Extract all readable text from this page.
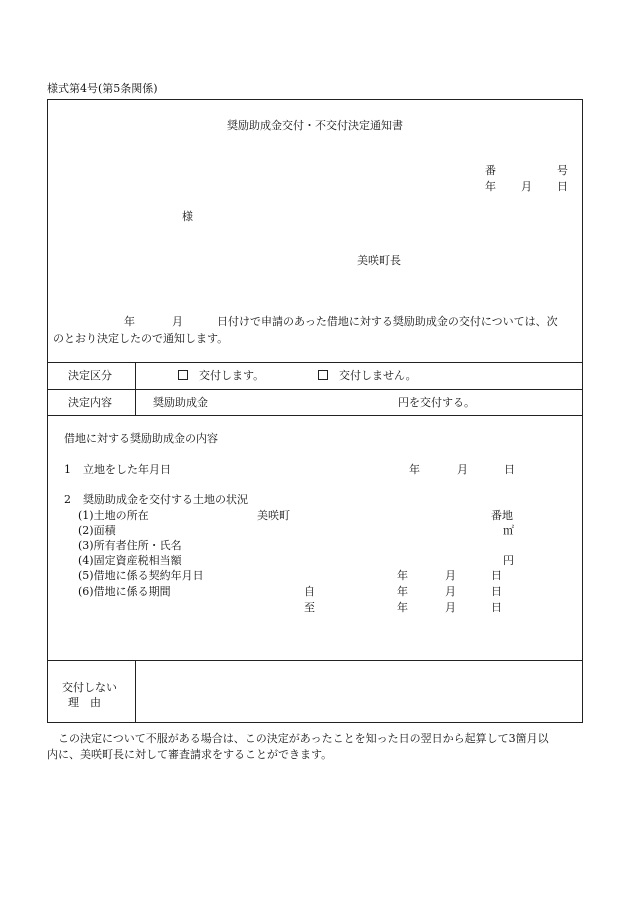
様式第4号(第5条関係)
奨励助成金交付・不交付決定通知書
番	号
年 月 日
様
美咲町長
年	月	日付けで申請のあった借地に対する奨励助成金の交付については、次
のとおり決定したので通知します。
決定区分	交付します。	交付しません。
決定内容	奨励助成金	円を交付する。
借地に対する奨励助成金の内容
1 立地をした年月日	年	月	日
2 奨励助成金を交付する土地の状況
(1)土地の所在	美咲町	番地
(2)面積	㎡
(3)所有者住所・氏名
(4)固定資産税相当額	円
(5)借地に係る契約年月日	年	月	日
(6)借地に係る期間	自	年	月	日
至	年	月	日
交付しない
理　由
この決定について不服がある場合は、この決定があったことを知った日の翌日から起算して3箇月以
内に、美咲町長に対して審査請求をすることができます。
